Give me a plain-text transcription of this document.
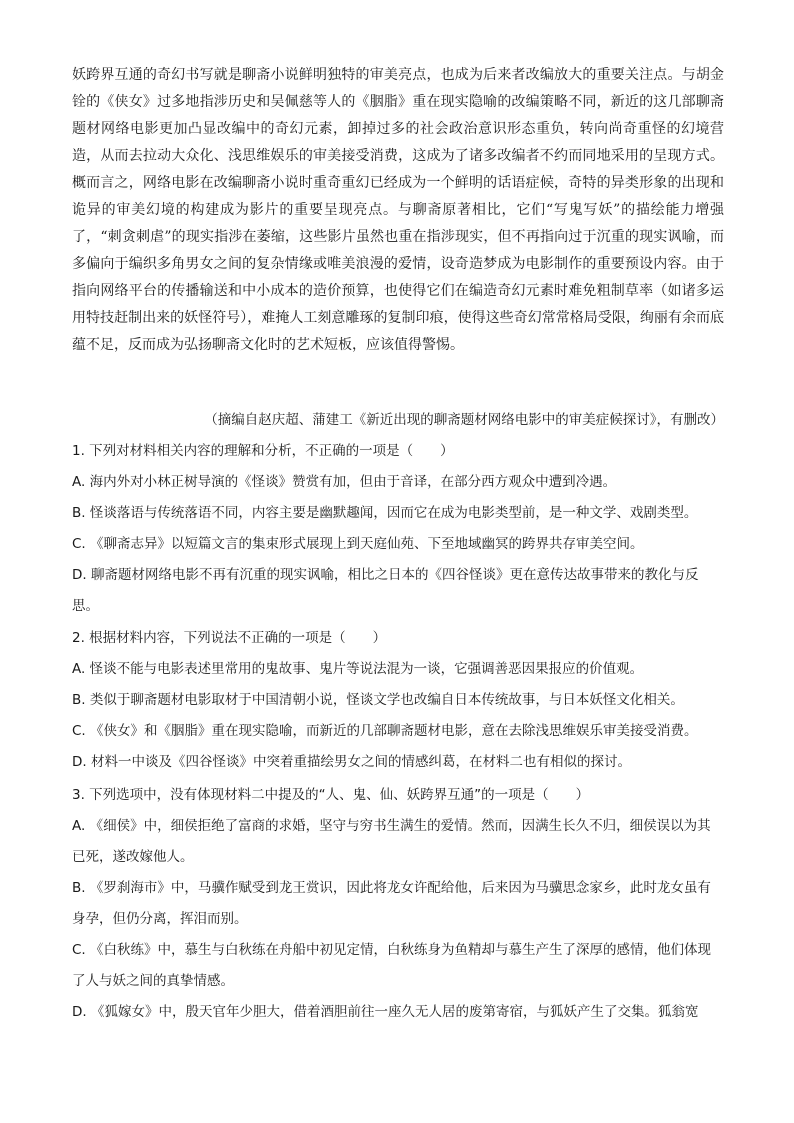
妖跨界互通的奇幻书写就是聊斋小说鲜明独特的审美亮点，也成为后来者改编放大的重要关注点。与胡金铨的《侠女》过多地指涉历史和吴佩慈等人的《胭脂》重在现实隐喻的改编策略不同，新近的这几部聊斋题材网络电影更加凸显改编中的奇幻元素，卸掉过多的社会政治意识形态重负，转向尚奇重怪的幻境营造，从而去拉动大众化、浅思维娱乐的审美接受消费，这成为了诸多改编者不约而同地采用的呈现方式。概而言之，网络电影在改编聊斋小说时重奇重幻已经成为一个鲜明的话语症候，奇特的异类形象的出现和诡异的审美幻境的构建成为影片的重要呈现亮点。与聊斋原著相比，它们“写鬼写妖”的描绘能力增强了，“刺贪刺虐”的现实指涉在萎缩，这些影片虽然也重在指涉现实，但不再指向过于沉重的现实讽喻，而多偏向于编织多角男女之间的复杂情缘或唯美浪漫的爱情，设奇造梦成为电影制作的重要预设内容。由于指向网络平台的传播输送和中小成本的造价预算，也使得它们在编造奇幻元素时难免粗制草率（如诸多运用特技赶制出来的妖怪符号），难掩人工刻意雕琢的复制印痕，使得这些奇幻常常格局受限，绚丽有余而底蕴不足，反而成为弘扬聊斋文化时的艺术短板，应该值得警惕。

（摘编自赵庆超、蒲建工《新近出现的聊斋题材网络电影中的审美症候探讨》，有删改）
1. 下列对材料相关内容的理解和分析，不正确的一项是（　　）
A. 海内外对小林正树导演的《怪谈》赞赏有加，但由于音译，在部分西方观众中遭到冷遇。
B. 怪谈落语与传统落语不同，内容主要是幽默趣闻，因而它在成为电影类型前，是一种文学、戏剧类型。
C. 《聊斋志异》以短篇文言的集束形式展现上到天庭仙苑、下至地域幽冥的跨界共存审美空间。
D. 聊斋题材网络电影不再有沉重的现实讽喻，相比之日本的《四谷怪谈》更在意传达故事带来的教化与反思。
2. 根据材料内容，下列说法不正确的一项是（　　）
A. 怪谈不能与电影表述里常用的鬼故事、鬼片等说法混为一谈，它强调善恶因果报应的价值观。
B. 类似于聊斋题材电影取材于中国清朝小说，怪谈文学也改编自日本传统故事，与日本妖怪文化相关。
C. 《侠女》和《胭脂》重在现实隐喻，而新近的几部聊斋题材电影，意在去除浅思维娱乐审美接受消费。
D. 材料一中谈及《四谷怪谈》中突着重描绘男女之间的情感纠葛，在材料二也有相似的探讨。
3. 下列选项中，没有体现材料二中提及的“人、鬼、仙、妖跨界互通”的一项是（　　）
A. 《细侯》中，细侯拒绝了富商的求婚，坚守与穷书生满生的爱情。然而，因满生长久不归，细侯误以为其已死，遂改嫁他人。
B. 《罗刹海市》中，马骥作赋受到龙王赏识，因此将龙女许配给他，后来因为马骥思念家乡，此时龙女虽有身孕，但仍分离，挥泪而别。
C. 《白秋练》中，慕生与白秋练在舟船中初见定情，白秋练身为鱼精却与慕生产生了深厚的感情，他们体现了人与妖之间的真挚情感。
D. 《狐嫁女》中，殷天官年少胆大，借着酒胆前往一座久无人居的废第寄宿，与狐妖产生了交集。狐翁宽
